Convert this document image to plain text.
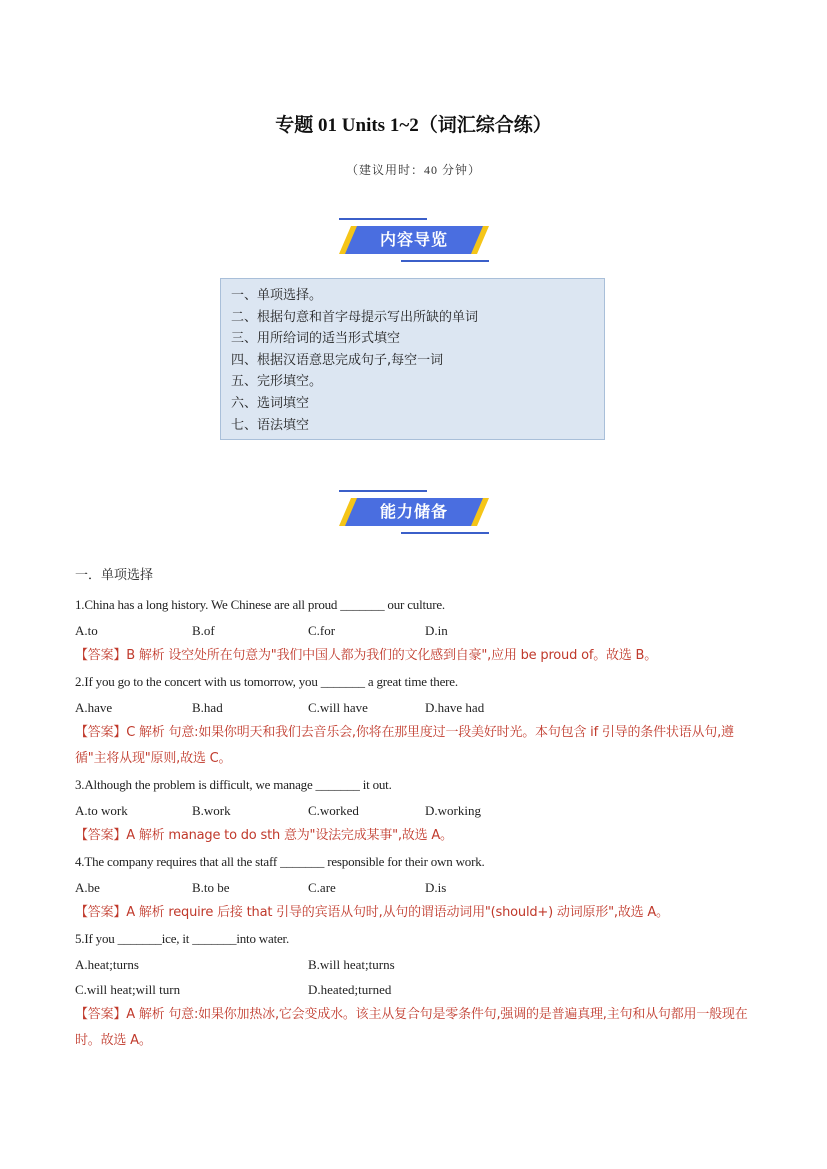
专题 01 Units 1~2（词汇综合练）
（建议用时：40 分钟）
内容导览
一、单项选择。
二、根据句意和首字母提示写出所缺的单词
三、用所给词的适当形式填空
四、根据汉语意思完成句子,每空一词
五、完形填空。
六、选词填空
七、语法填空
能力储备
一．单项选择
1.China has a long history. We Chinese are all proud _______ our culture.
A.to	B.of	C.for	D.in
【答案】B 解析 设空处所在句意为"我们中国人都为我们的文化感到自豪",应用 be proud of。故选 B。
2.If you go to the concert with us tomorrow, you _______ a great time there.
A.have	B.had	C.will have	D.have had
【答案】C 解析 句意:如果你明天和我们去音乐会,你将在那里度过一段美好时光。本句包含 if 引导的条件状语从句,遵循"主将从现"原则,故选 C。
3.Although the problem is difficult, we manage _______ it out.
A.to work	B.work	C.worked	D.working
【答案】A 解析 manage to do sth 意为"设法完成某事",故选 A。
4.The company requires that all the staff _______ responsible for their own work.
A.be	B.to be	C.are	D.is
【答案】A 解析 require 后接 that 引导的宾语从句时,从句的谓语动词用"(should+) 动词原形",故选 A。
5.If you _______ice, it _______into water.
A.heat;turns	B.will heat;turns
C.will heat;will turn	D.heated;turned
【答案】A 解析 句意:如果你加热冰,它会变成水。该主从复合句是零条件句,强调的是普遍真理,主句和从句都用一般现在时。故选 A。
